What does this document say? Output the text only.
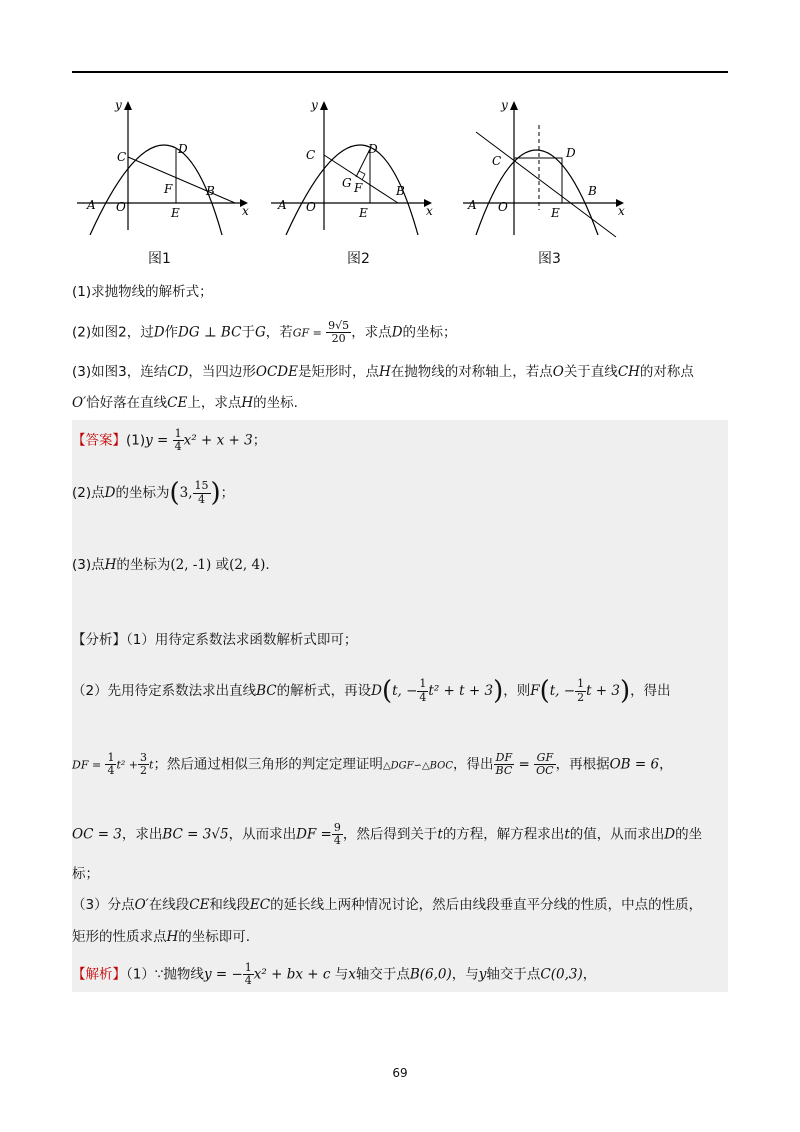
y
x
A O
C
D
F	B
E
图1
y
x
A O
C	D
G F	B
E
图2
y
x
A O
C
D
B
E
图3
(1)求抛物线的解析式；
(2)如图2，过D作DG ⊥ BC于G，若GF = $\frac{9√5}{20}$ ，求点D的坐标；
(3)如图3，连结CD，当四边形OCDE是矩形时，点H在抛物线的对称轴上，若点O关于直线CH的对称点
O′恰好落在直线CE上，求点H的坐标.
【答案】$(1)y = \frac{1}{4} x^2 + x + 3$；
(2)点D的坐标为(3, $\frac{15}{4}$ )；
(3)点H的坐标为(2, -1) 或(2, 4).
【分析】（1）用待定系数法求函数解析式即可；
（2）先用待定系数法求出直线BC的解析式，再设D(t, − $\frac{1}{4} t^2 + t + 3$)，则F(t, − $\frac{1}{2}$ t + 3)，得出
DF = $\frac{1}{4} t^2 + \frac{3}{2}$ t；然后通过相似三角形的判定定理证明△DGF∽△BOC，得出 $\frac{DF}{BC} = \frac{GF}{OC}$ ，再根据OB = 6，
OC = 3，求出BC = 3√5，从而求出DF = $\frac{9}{4}$ ，然后得到关于t的方程，解方程求出t的值，从而求出D的坐
标；
（3）分点O′在线段CE和线段EC的延长线上两种情况讨论，然后由线段垂直平分线的性质，中点的性质，
矩形的性质求点H的坐标即可.
【解析】（1）∵抛物线y = − $\frac{1}{4} x^2$ + bx + c 与x轴交于点B(6,0)，与y轴交于点C(0,3)，
69
